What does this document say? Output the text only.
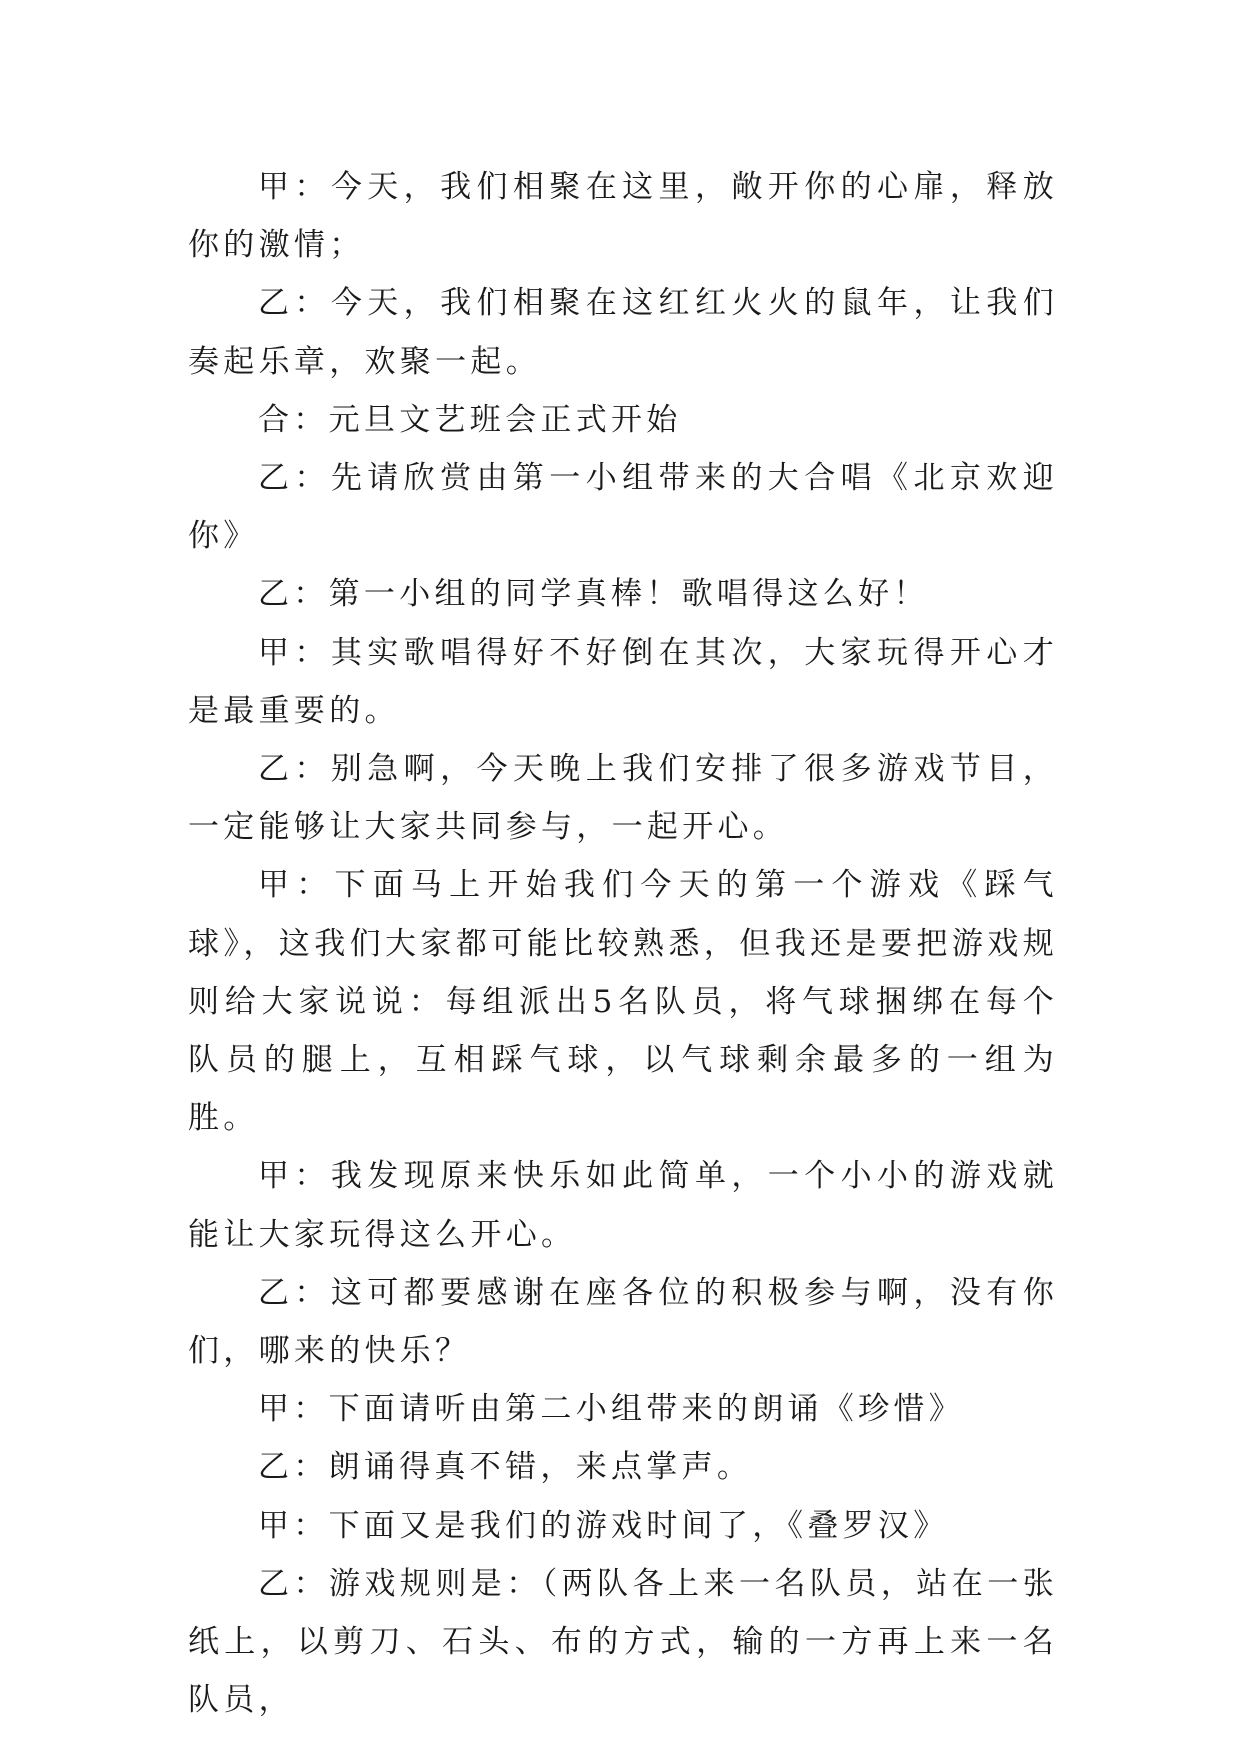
甲：今天，我们相聚在这里，敞开你的心扉，释放你的激情；

乙：今天，我们相聚在这红红火火的鼠年，让我们奏起乐章，欢聚一起。

合：元旦文艺班会正式开始

乙：先请欣赏由第一小组带来的大合唱《北京欢迎你》

乙：第一小组的同学真棒！歌唱得这么好！

甲：其实歌唱得好不好倒在其次，大家玩得开心才是最重要的。

乙：别急啊，今天晚上我们安排了很多游戏节目，一定能够让大家共同参与，一起开心。

甲：下面马上开始我们今天的第一个游戏《踩气球》，这我们大家都可能比较熟悉，但我还是要把游戏规则给大家说说：每组派出5名队员，将气球捆绑在每个队员的腿上，互相踩气球，以气球剩余最多的一组为胜。

甲：我发现原来快乐如此简单，一个小小的游戏就能让大家玩得这么开心。

乙：这可都要感谢在座各位的积极参与啊，没有你们，哪来的快乐？

甲：下面请听由第二小组带来的朗诵《珍惜》

乙：朗诵得真不错，来点掌声。

甲：下面又是我们的游戏时间了，《叠罗汉》

乙：游戏规则是：（两队各上来一名队员，站在一张纸上，以剪刀、石头、布的方式，输的一方再上来一名队员，
